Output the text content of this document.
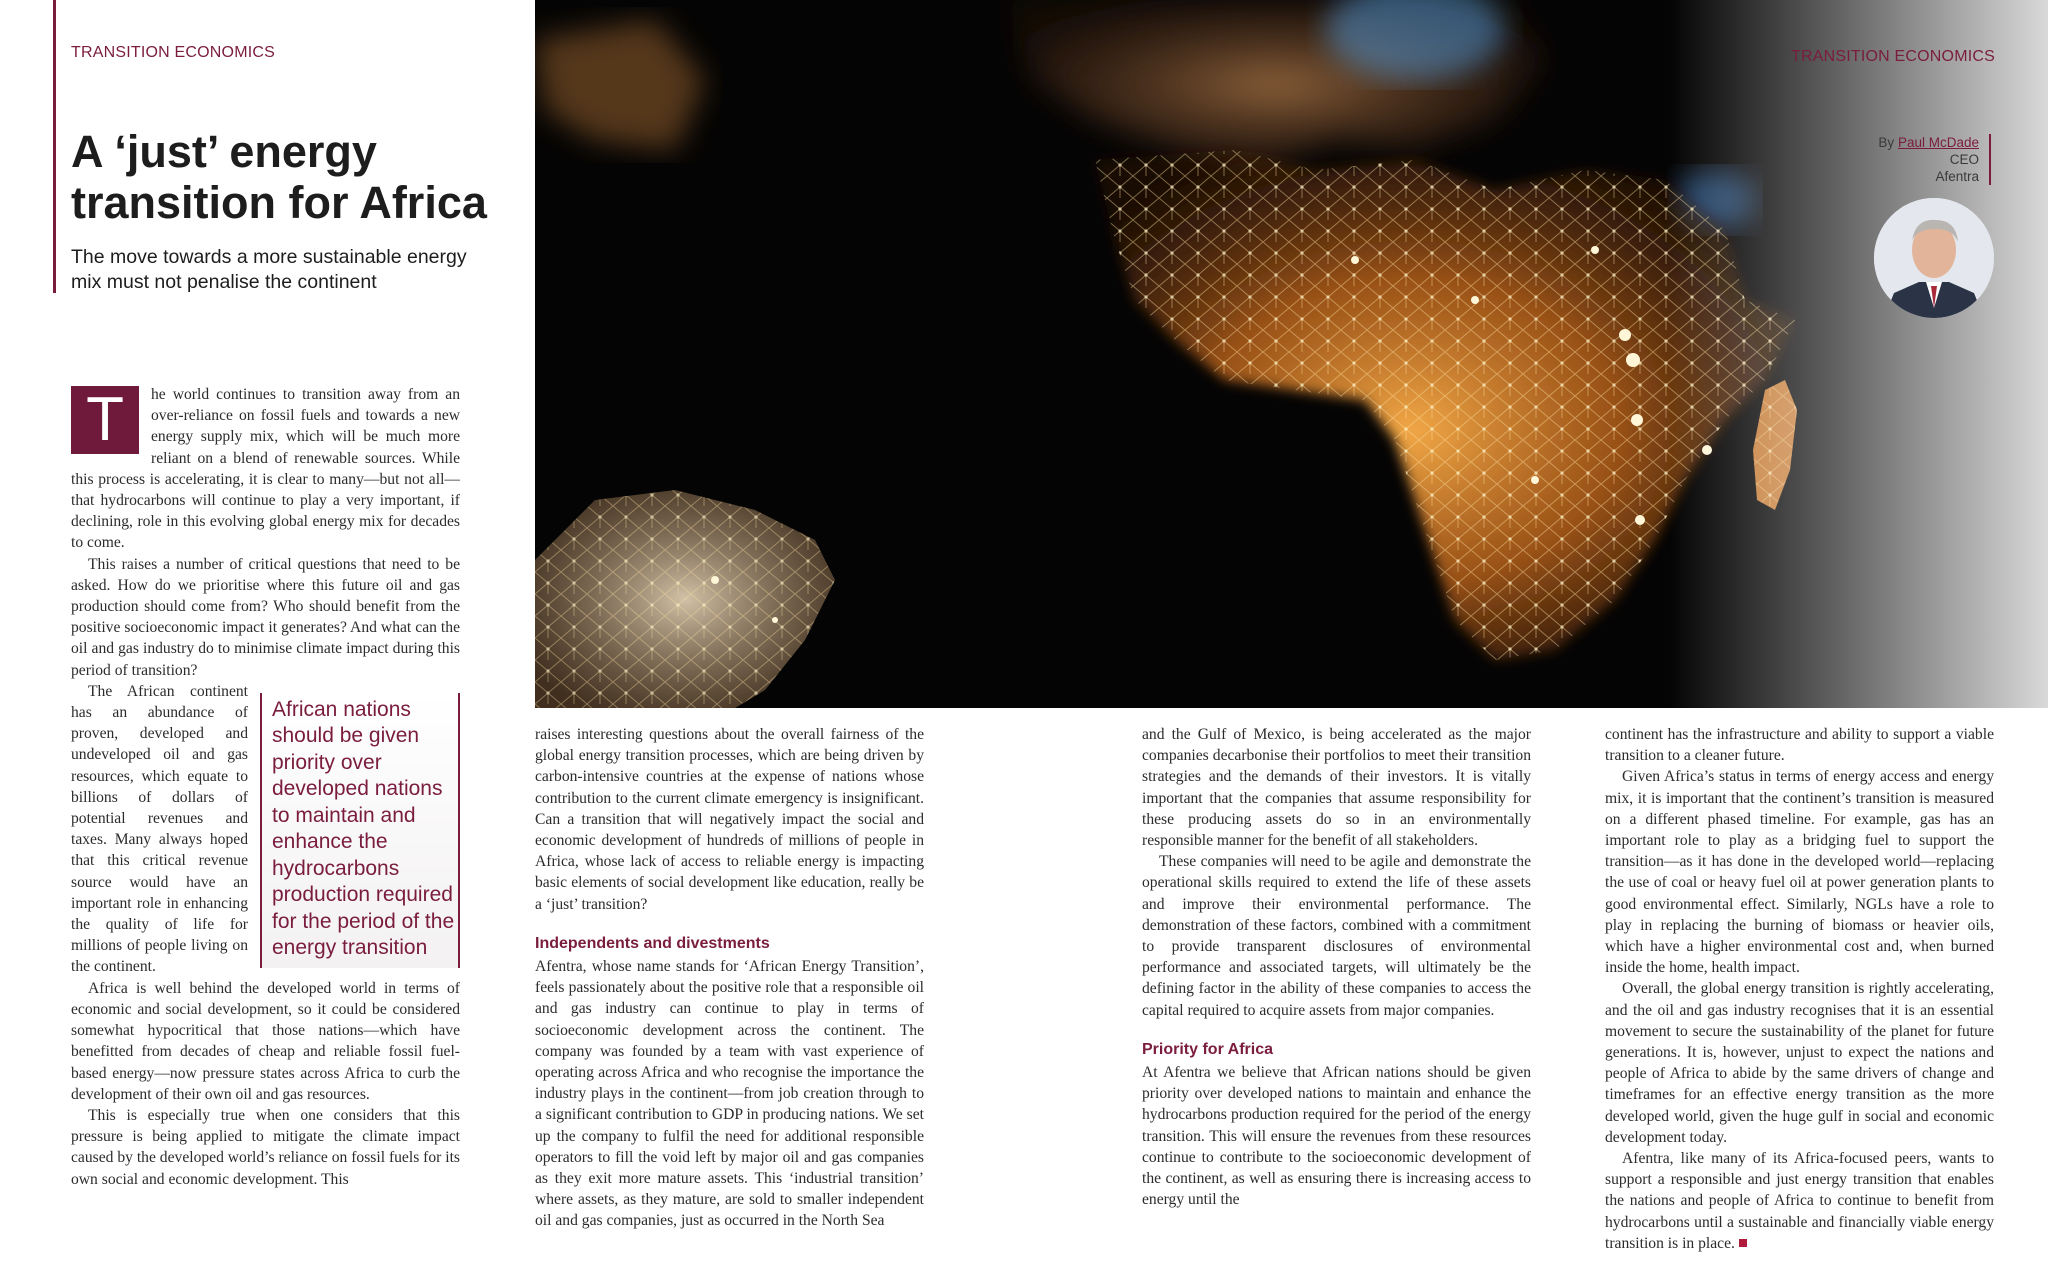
TRANSITION ECONOMICS
A ‘just’ energy transition for Africa

The move towards a more sustainable energy mix must not penalise the continent

T	he world continues to transition away from an over-reliance on fossil fuels and towards a new energy supply mix, which will be much more reliant on a blend of renewable sources. While this process is accelerating, it is clear to many—but not all—that hydrocarbons will continue to play a very important, if declining, role in this evolving global energy mix for decades to come.

This raises a number of critical questions that need to be asked. How do we prioritise where this future oil and gas production should come from? Who should benefit from the positive socioeconomic impact it generates? And what can the oil and gas industry do to minimise climate impact during this period of transition?

African nations should be given priority over developed nations to maintain and enhance the hydrocarbons production required for the period of the energy transition

The African continent has an abundance of proven, developed and undeveloped oil and gas resources, which equate to billions of dollars of potential revenues and taxes. Many always hoped that this critical revenue source would have an important role in enhancing the quality of life for millions of people living on the continent.

Africa is well behind the developed world in terms of economic and social development, so it could be considered somewhat hypocritical that those nations—which have benefitted from decades of cheap and reliable fossil fuel-based energy—now pressure states across Africa to curb the development of their own oil and gas resources.

This is especially true when one considers that this pressure is being applied to mitigate the climate impact caused by the developed world’s reliance on fossil fuels for its own social and economic development. This

TRANSITION ECONOMICS
By Paul McDade
CEO
Afentra

raises interesting questions about the overall fairness of the global energy transition processes, which are being driven by carbon-intensive countries at the expense of nations whose contribution to the current climate emergency is insignificant. Can a transition that will negatively impact the social and economic development of hundreds of millions of people in Africa, whose lack of access to reliable energy is impacting basic elements of social development like education, really be a ‘just’ transition?

Independents and divestments

Afentra, whose name stands for ‘African Energy Transition’, feels passionately about the positive role that a responsible oil and gas industry can continue to play in terms of socioeconomic development across the continent. The company was founded by a team with vast experience of operating across Africa and who recognise the importance the industry plays in the continent—from job creation through to a significant contribution to GDP in producing nations. We set up the company to fulfil the need for additional responsible operators to fill the void left by major oil and gas companies as they exit more mature assets. This ‘industrial transition’ where assets, as they mature, are sold to smaller independent oil and gas companies, just as occurred in the North Sea

and the Gulf of Mexico, is being accelerated as the major companies decarbonise their portfolios to meet their transition strategies and the demands of their investors. It is vitally important that the companies that assume responsibility for these producing assets do so in an environmentally responsible manner for the benefit of all stakeholders.

These companies will need to be agile and demonstrate the operational skills required to extend the life of these assets and improve their environmental performance. The demonstration of these factors, combined with a commitment to provide transparent disclosures of environmental performance and associated targets, will ultimately be the defining factor in the ability of these companies to access the capital required to acquire assets from major companies.

Priority for Africa

At Afentra we believe that African nations should be given priority over developed nations to maintain and enhance the hydrocarbons production required for the period of the energy transition. This will ensure the revenues from these resources continue to contribute to the socioeconomic development of the continent, as well as ensuring there is increasing access to energy until the

continent has the infrastructure and ability to support a viable transition to a cleaner future.

Given Africa’s status in terms of energy access and energy mix, it is important that the continent’s transition is measured on a different phased timeline. For example, gas has an important role to play as a bridging fuel to support the transition—as it has done in the developed world—replacing the use of coal or heavy fuel oil at power generation plants to good environmental effect. Similarly, NGLs have a role to play in replacing the burning of biomass or heavier oils, which have a higher environmental cost and, when burned inside the home, health impact.

Overall, the global energy transition is rightly accelerating, and the oil and gas industry recognises that it is an essential movement to secure the sustainability of the planet for future generations. It is, however, unjust to expect the nations and people of Africa to abide by the same drivers of change and timeframes for an effective energy transition as the more developed world, given the huge gulf in social and economic development today.

Afentra, like many of its Africa-focused peers, wants to support a responsible and just energy transition that enables the nations and people of Africa to continue to benefit from hydrocarbons until a sustainable and financially viable energy transition is in place.
